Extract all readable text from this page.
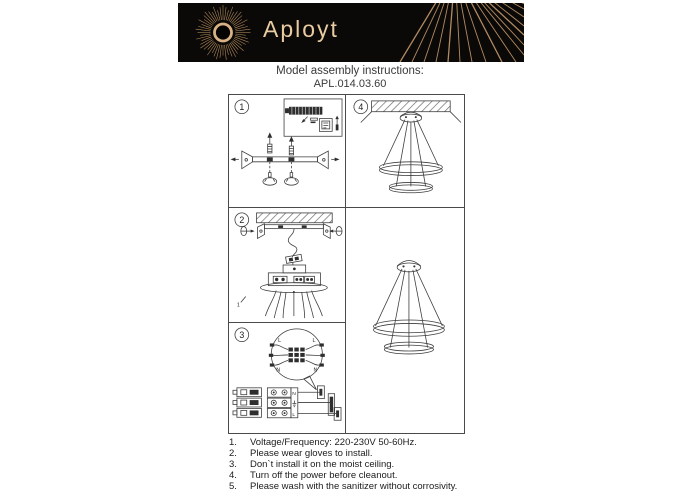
Aployt
Model assembly instructions:
APL.014.03.60
1
2
1
3
L	L
N	N
N
L
4
1.	Voltage/Frequency: 220-230V 50-60Hz.
2.	Please wear gloves to install.
3.	Don`t install it on the moist ceiling.
4.	Turn off the power before cleanout.
5.	Please wash with the sanitizer without corrosivity.
